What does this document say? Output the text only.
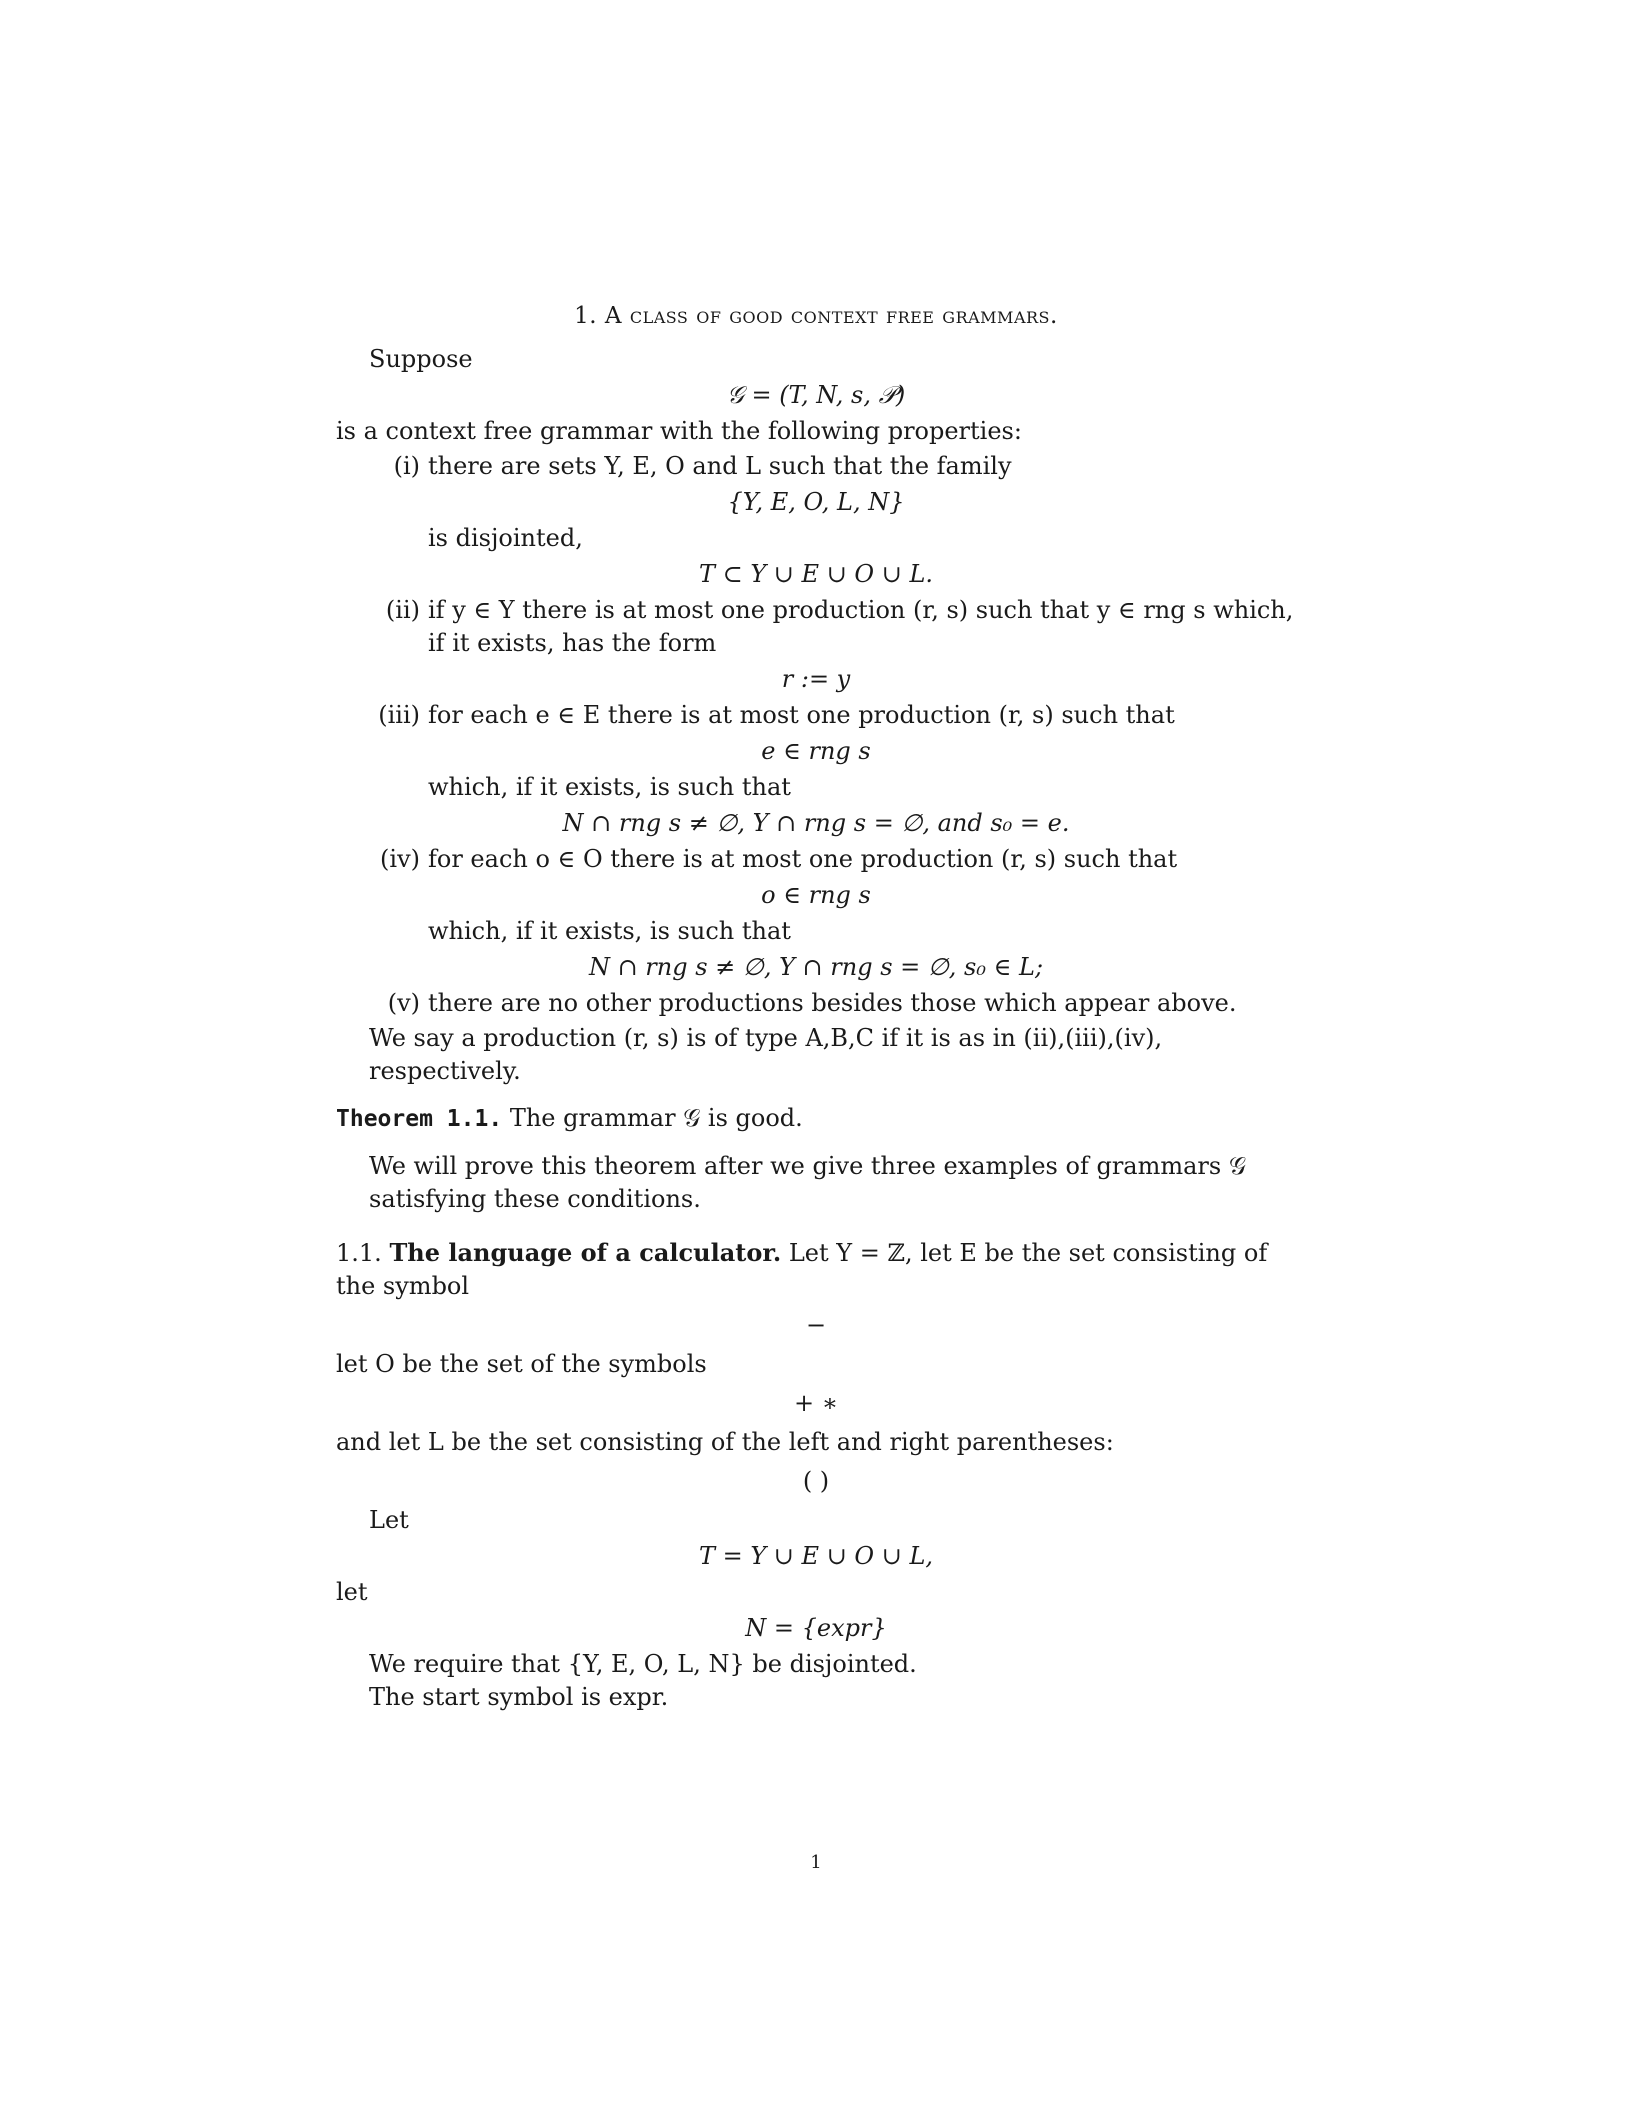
1. A class of good context free grammars.

Suppose

𝒢 = (T, N, s, 𝒫)

is a context free grammar with the following properties:

(i) there are sets Y, E, O and L such that the family

{Y, E, O, L, N}

is disjointed,

T ⊂ Y ∪ E ∪ O ∪ L.

(ii) if y ∈ Y there is at most one production (r, s) such that y ∈ rng s which, if it exists, has the form

r := y

(iii) for each e ∈ E there is at most one production (r, s) such that

e ∈ rng s

which, if it exists, is such that

N ∩ rng s ≠ ∅, Y ∩ rng s = ∅, and s₀ = e.

(iv) for each o ∈ O there is at most one production (r, s) such that

o ∈ rng s

which, if it exists, is such that

N ∩ rng s ≠ ∅, Y ∩ rng s = ∅, s₀ ∈ L;

(v) there are no other productions besides those which appear above.

We say a production (r, s) is of type A,B,C if it is as in (ii),(iii),(iv), respectively.

Theorem 1.1. The grammar 𝒢 is good.

We will prove this theorem after we give three examples of grammars 𝒢 satisfying these conditions.

1.1. The language of a calculator. Let Y = ℤ, let E be the set consisting of the symbol

−

let O be the set of the symbols

+ ∗

and let L be the set consisting of the left and right parentheses:

( )

Let

T = Y ∪ E ∪ O ∪ L,

let

N = {expr}

We require that {Y, E, O, L, N} be disjointed.

The start symbol is expr.

1
